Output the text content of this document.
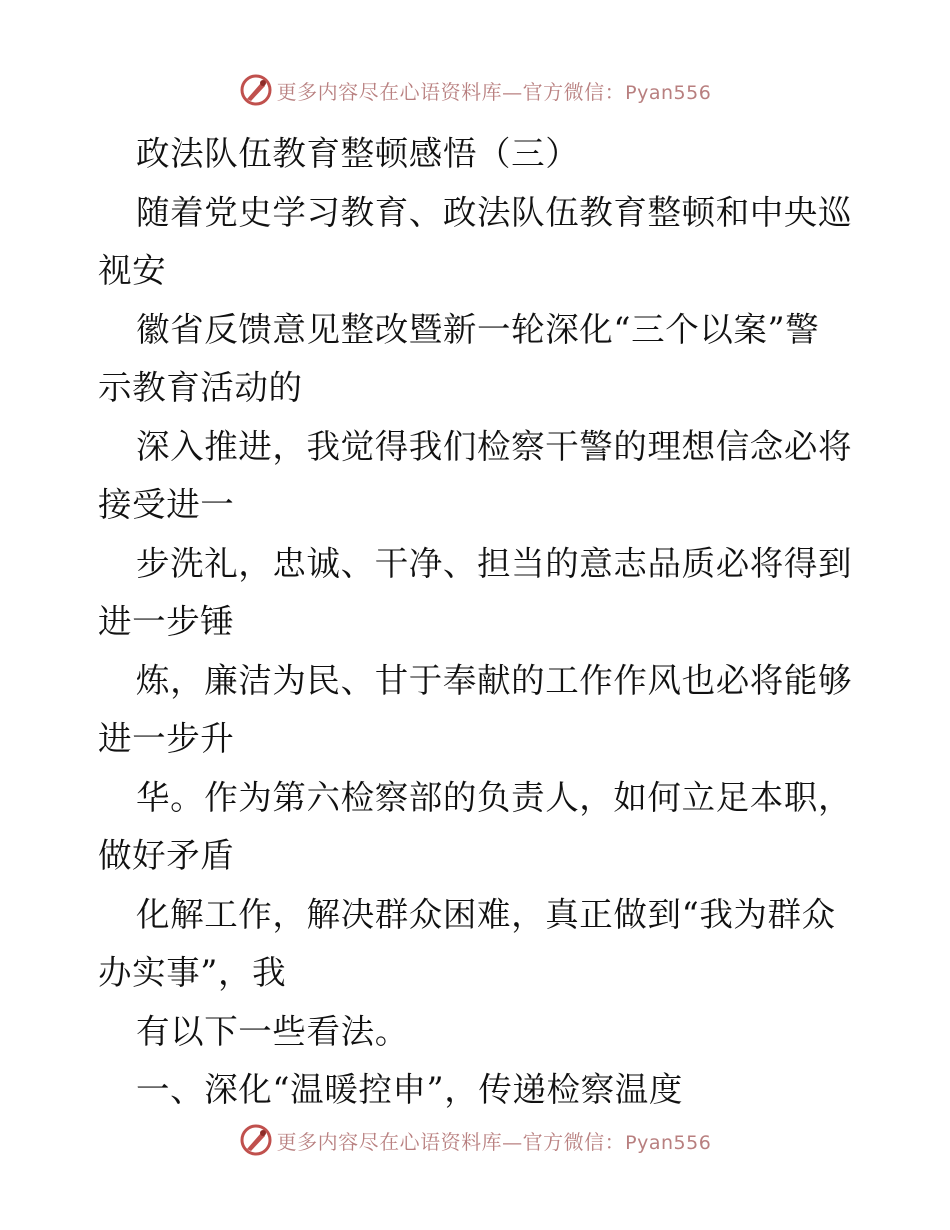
更多内容尽在心语资料库—官方微信：Pyan556
政法队伍教育整顿感悟（三）
随着党史学习教育、政法队伍教育整顿和中央巡
视安
徽省反馈意见整改暨新一轮深化“三个以案”警
示教育活动的
深入推进，我觉得我们检察干警的理想信念必将
接受进一
步洗礼，忠诚、干净、担当的意志品质必将得到
进一步锤
炼，廉洁为民、甘于奉献的工作作风也必将能够
进一步升
华。作为第六检察部的负责人，如何立足本职，
做好矛盾
化解工作，解决群众困难，真正做到“我为群众
办实事”，我
有以下一些看法。
一、深化“温暖控申”，传递检察温度
更多内容尽在心语资料库—官方微信：Pyan556
